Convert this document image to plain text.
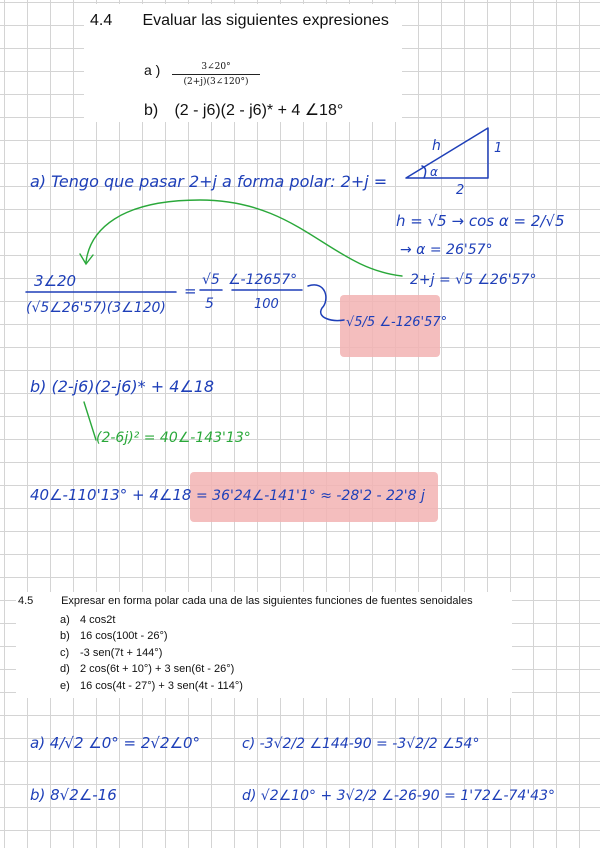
4.4 Evaluar las siguientes expresiones
a )	3∠20°
(2+j)(3∠120°)
b) (2 - j6)(2 - j6)* + 4 ∠18°
a) Tengo que pasar 2+j a forma polar: 2+j =
h
α
1
2
h = √5 → cos α = 2/√5
→ α = 26'57°
2+j = √5 ∠26'57°
3∠20
(√5∠26'57)(3∠120)
=
√5
5
∠-12657°
100
√5/5 ∠-126'57°
b) (2-j6)(2-j6)* + 4∠18
(2-6j)² = 40∠-143'13°
40∠-110'13° + 4∠18 = 36'24∠-141'1° ≈ -28'2 - 22'8 j
a) 4/√2 ∠0° = 2√2∠0°
b) 8√2∠-16
c) -3√2/2 ∠144-90 = -3√2/2 ∠54°
d) √2∠10° + 3√2/2 ∠-26-90 = 1'72∠-74'43°
4.5	Expresar en forma polar cada una de las siguientes funciones de fuentes senoidales
a) 4 cos2t
b) 16 cos(100t - 26°)
c) -3 sen(7t + 144°)
d) 2 cos(6t + 10°) + 3 sen(6t - 26°)
e) 16 cos(4t - 27°) + 3 sen(4t - 114°)
